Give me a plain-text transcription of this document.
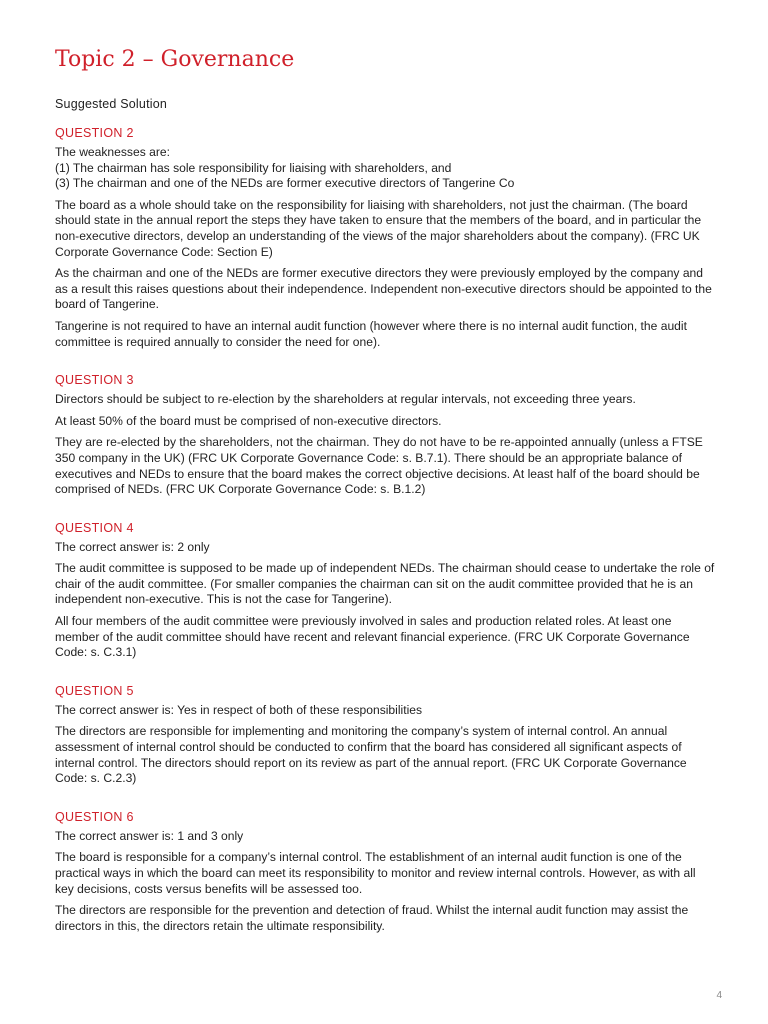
Topic 2 – Governance
Suggested Solution
QUESTION 2

The weaknesses are:

(1) The chairman has sole responsibility for liaising with shareholders, and
(3) The chairman and one of the NEDs are former executive directors of Tangerine Co

The board as a whole should take on the responsibility for liaising with shareholders, not just the chairman. (The board should state in the annual report the steps they have taken to ensure that the members of the board, and in particular the non-executive directors, develop an understanding of the views of the major shareholders about the company). (FRC UK Corporate Governance Code: Section E)

As the chairman and one of the NEDs are former executive directors they were previously employed by the company and as a result this raises questions about their independence. Independent non-executive directors should be appointed to the board of Tangerine.

Tangerine is not required to have an internal audit function (however where there is no internal audit function, the audit committee is required annually to consider the need for one).

QUESTION 3

Directors should be subject to re-election by the shareholders at regular intervals, not exceeding three years.

At least 50% of the board must be comprised of non-executive directors.

They are re-elected by the shareholders, not the chairman. They do not have to be re-appointed annually (unless a FTSE 350 company in the UK) (FRC UK Corporate Governance Code: s. B.7.1). There should be an appropriate balance of executives and NEDs to ensure that the board makes the correct objective decisions. At least half of the board should be comprised of NEDs. (FRC UK Corporate Governance Code: s. B.1.2)

QUESTION 4

The correct answer is: 2 only

The audit committee is supposed to be made up of independent NEDs. The chairman should cease to undertake the role of chair of the audit committee. (For smaller companies the chairman can sit on the audit committee provided that he is an independent non-executive. This is not the case for Tangerine).

All four members of the audit committee were previously involved in sales and production related roles. At least one member of the audit committee should have recent and relevant financial experience. (FRC UK Corporate Governance Code: s. C.3.1)

QUESTION 5

The correct answer is: Yes in respect of both of these responsibilities

The directors are responsible for implementing and monitoring the company’s system of internal control. An annual assessment of internal control should be conducted to confirm that the board has considered all significant aspects of internal control. The directors should report on its review as part of the annual report. (FRC UK Corporate Governance Code: s. C.2.3)

QUESTION 6

The correct answer is: 1 and 3 only

The board is responsible for a company’s internal control. The establishment of an internal audit function is one of the practical ways in which the board can meet its responsibility to monitor and review internal controls. However, as with all key decisions, costs versus benefits will be assessed too.

The directors are responsible for the prevention and detection of fraud. Whilst the internal audit function may assist the directors in this, the directors retain the ultimate responsibility.

4
